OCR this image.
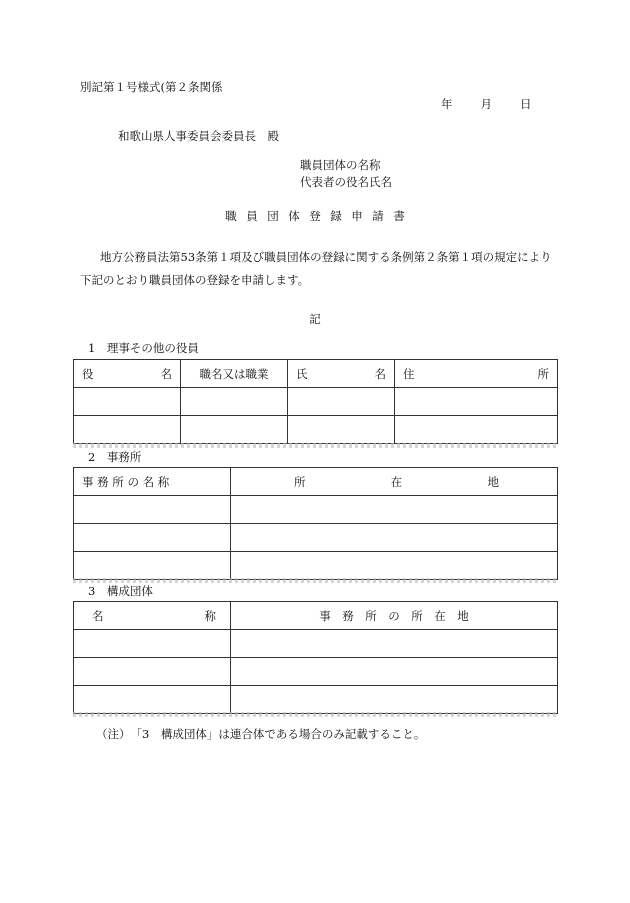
別記第１号様式(第２条関係
年 月 日
和歌山県人事委員会委員長　殿
職員団体の名称
代表者の役名氏名
職員団体登録申請書
地方公務員法第53条第１項及び職員団体の登録に関する条例第２条第１項の規定により下記のとおり職員団体の登録を申請します。
記
1　理事その他の役員
役 名	職名又は職業	氏 名	住 所

2　事務所
事 務 所 の 名 称	所 在 地

3　構成団体
名 称	事　務　所　の　所　在　地

（注）　「3　構成団体」は連合体である場合のみ記載すること。
